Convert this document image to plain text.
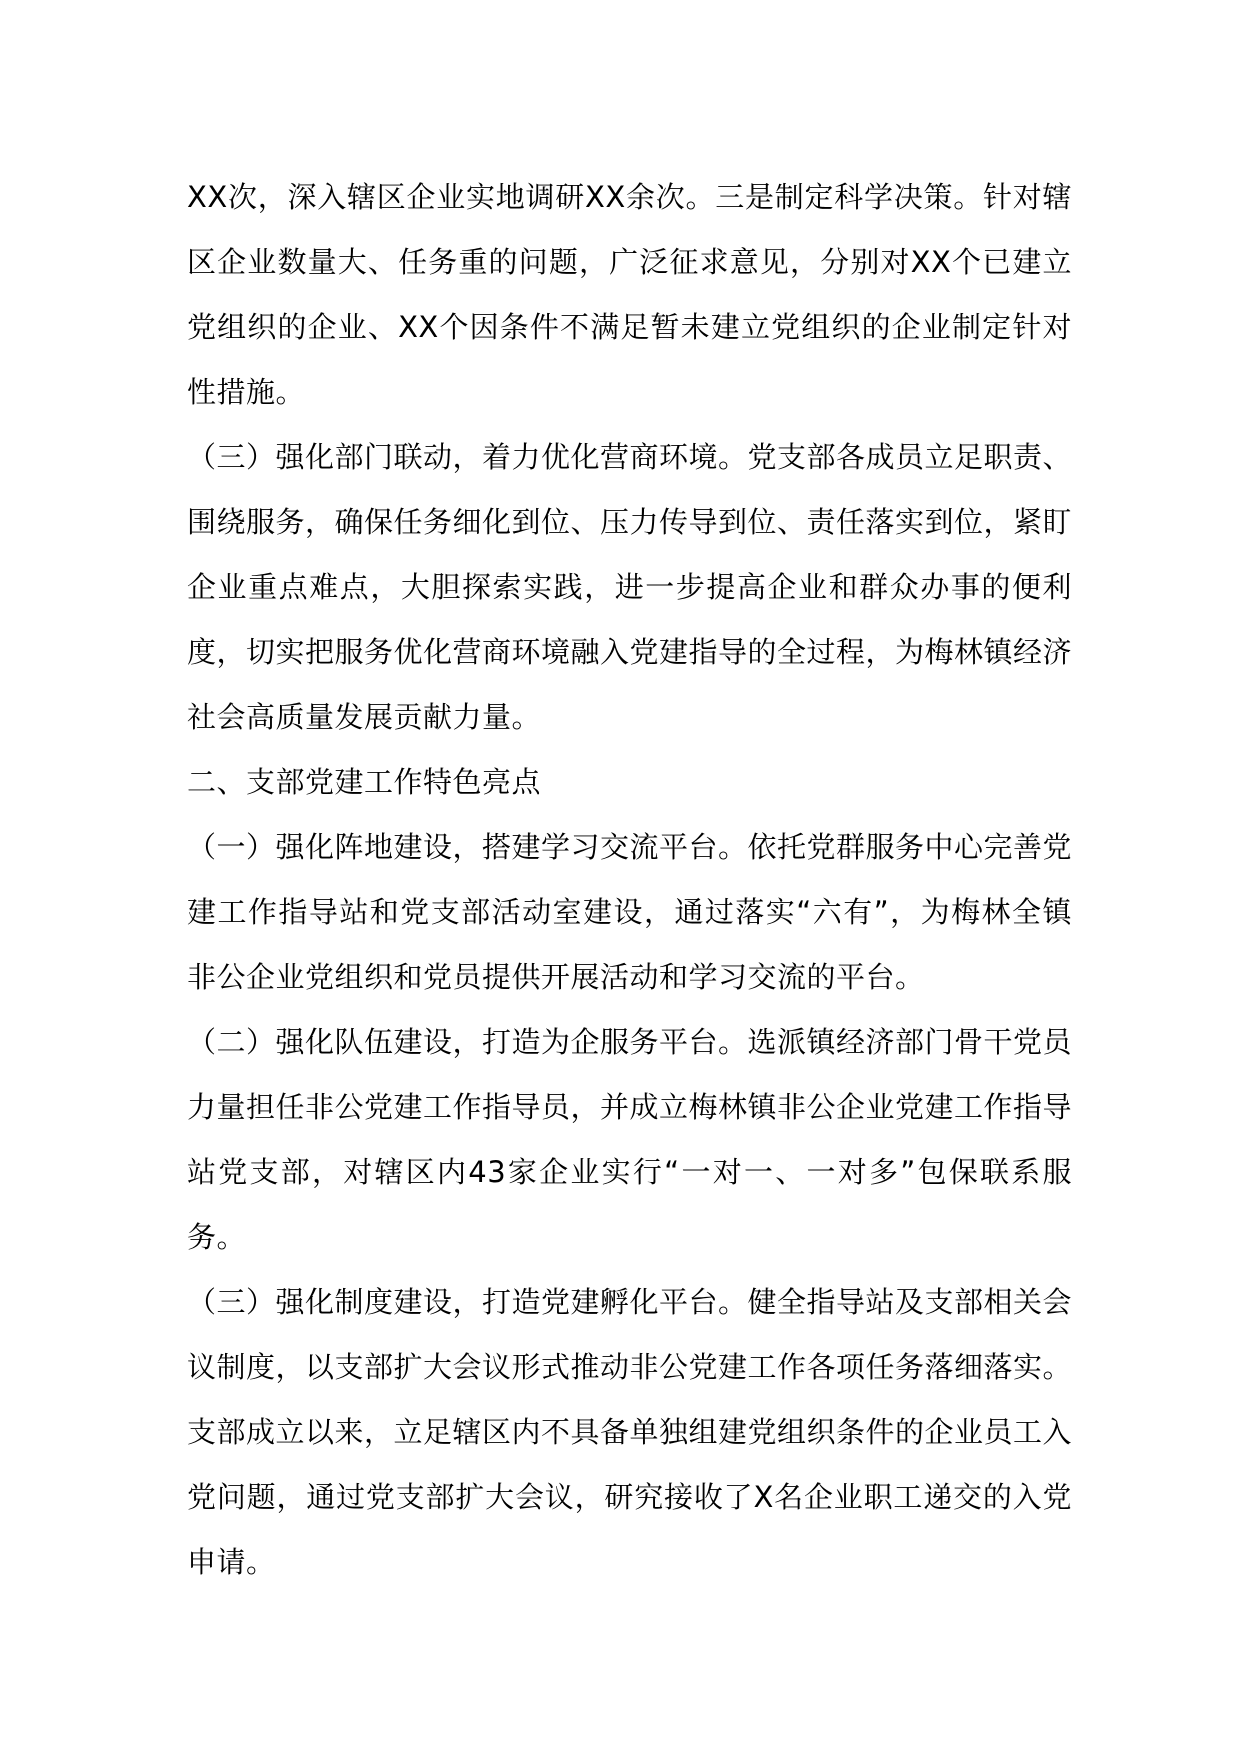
XX次，深入辖区企业实地调研XX余次。三是制定科学决策。针对辖区企业数量大、任务重的问题，广泛征求意见，分别对XX个已建立党组织的企业、XX个因条件不满足暂未建立党组织的企业制定针对性措施。

（三）强化部门联动，着力优化营商环境。党支部各成员立足职责、围绕服务，确保任务细化到位、压力传导到位、责任落实到位，紧盯企业重点难点，大胆探索实践，进一步提高企业和群众办事的便利度，切实把服务优化营商环境融入党建指导的全过程，为梅林镇经济社会高质量发展贡献力量。

二、支部党建工作特色亮点

（一）强化阵地建设，搭建学习交流平台。依托党群服务中心完善党建工作指导站和党支部活动室建设，通过落实“六有”，为梅林全镇非公企业党组织和党员提供开展活动和学习交流的平台。

（二）强化队伍建设，打造为企服务平台。选派镇经济部门骨干党员力量担任非公党建工作指导员，并成立梅林镇非公企业党建工作指导站党支部，对辖区内43家企业实行“一对一、一对多”包保联系服务。

（三）强化制度建设，打造党建孵化平台。健全指导站及支部相关会议制度，以支部扩大会议形式推动非公党建工作各项任务落细落实。支部成立以来，立足辖区内不具备单独组建党组织条件的企业员工入党问题，通过党支部扩大会议，研究接收了X名企业职工递交的入党申请。
